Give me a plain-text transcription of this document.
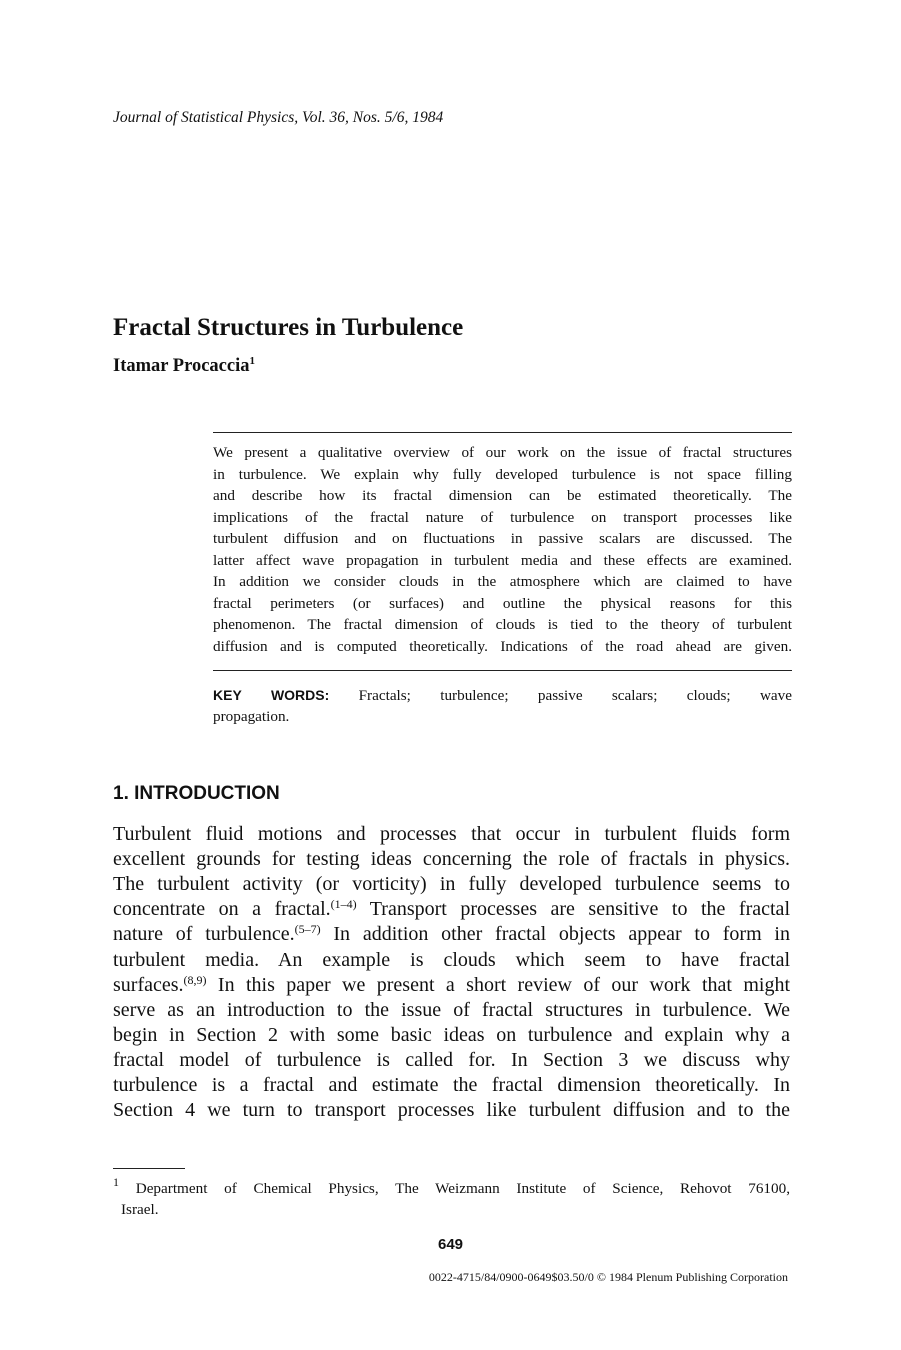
Journal of Statistical Physics, Vol. 36, Nos. 5/6, 1984
Fractal Structures in Turbulence
Itamar Procaccia$^1$
We present a qualitative overview of our work on the issue of fractal structures
in turbulence. We explain why fully developed turbulence is not space filling
and describe how its fractal dimension can be estimated theoretically. The
implications of the fractal nature of turbulence on transport processes like
turbulent diffusion and on fluctuations in passive scalars are discussed. The
latter affect wave propagation in turbulent media and these effects are examined.
In addition we consider clouds in the atmosphere which are claimed to have
fractal perimeters (or surfaces) and outline the physical reasons for this
phenomenon. The fractal dimension of clouds is tied to the theory of turbulent
diffusion and is computed theoretically. Indications of the road ahead are given.
KEY WORDS: Fractals; turbulence; passive scalars; clouds; wave
propagation.
1. INTRODUCTION
Turbulent fluid motions and processes that occur in turbulent fluids form
excellent grounds for testing ideas concerning the role of fractals in physics.
The turbulent activity (or vorticity) in fully developed turbulence seems to
concentrate on a fractal.$^{(1-4)}$ Transport processes are sensitive to the fractal
nature of turbulence.$^{(5-7)}$ In addition other fractal objects appear to form in
turbulent media. An example is clouds which seem to have fractal
surfaces.$^{(8,9)}$ In this paper we present a short review of our work that might
serve as an introduction to the issue of fractal structures in turbulence. We
begin in Section 2 with some basic ideas on turbulence and explain why a
fractal model of turbulence is called for. In Section 3 we discuss why
turbulence is a fractal and estimate the fractal dimension theoretically. In
Section 4 we turn to transport processes like turbulent diffusion and to the
$^1$ Department of Chemical Physics, The Weizmann Institute of Science, Rehovot 76100,
Israel.
649
0022-4715/84/0900-0649$03.50/0 © 1984 Plenum Publishing Corporation
